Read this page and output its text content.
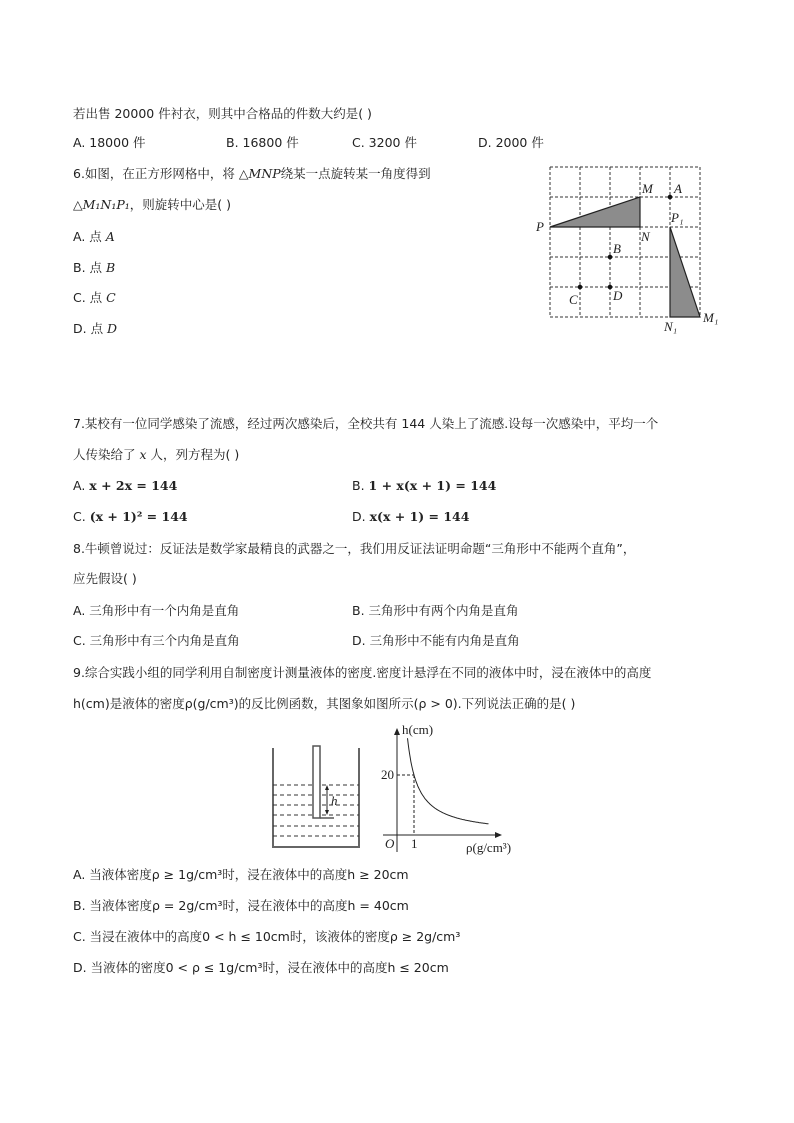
若出售 20000 件衬衣，则其中合格品的件数大约是( )
A. 18000 件	B. 16800 件	C. 3200 件	D. 2000 件
6.如图，在正方形网格中，将 △MNP绕某一点旋转某一角度得到
△M₁N₁P₁，则旋转中心是( )
A. 点 A
B. 点 B
C. 点 C
D. 点 D
M
N
P
A
B
C	D
P₁
N₁
M₁
h
h(cm)
20
O 1	ρ(g/cm³)
7.某校有一位同学感染了流感，经过两次感染后，全校共有 144 人染上了流感.设每一次感染中，平均一个
人传染给了 x 人，列方程为( )
A. x + 2x = 144	B. 1 + x(x + 1) = 144
C. (x + 1)² = 144	D. x(x + 1) = 144
8.牛顿曾说过：反证法是数学家最精良的武器之一，我们用反证法证明命题“三角形中不能两个直角”，
应先假设( )
A. 三角形中有一个内角是直角	B. 三角形中有两个内角是直角
C. 三角形中有三个内角是直角	D. 三角形中不能有内角是直角
9.综合实践小组的同学利用自制密度计测量液体的密度.密度计悬浮在不同的液体中时，浸在液体中的高度
h(cm)是液体的密度ρ(g/cm³)的反比例函数，其图象如图所示(ρ > 0).下列说法正确的是( )
A. 当液体密度ρ ≥ 1g/cm³时，浸在液体中的高度h ≥ 20cm
B. 当液体密度ρ = 2g/cm³时，浸在液体中的高度h = 40cm
C. 当浸在液体中的高度0 < h ≤ 10cm时，该液体的密度ρ ≥ 2g/cm³
D. 当液体的密度0 < ρ ≤ 1g/cm³时，浸在液体中的高度h ≤ 20cm
